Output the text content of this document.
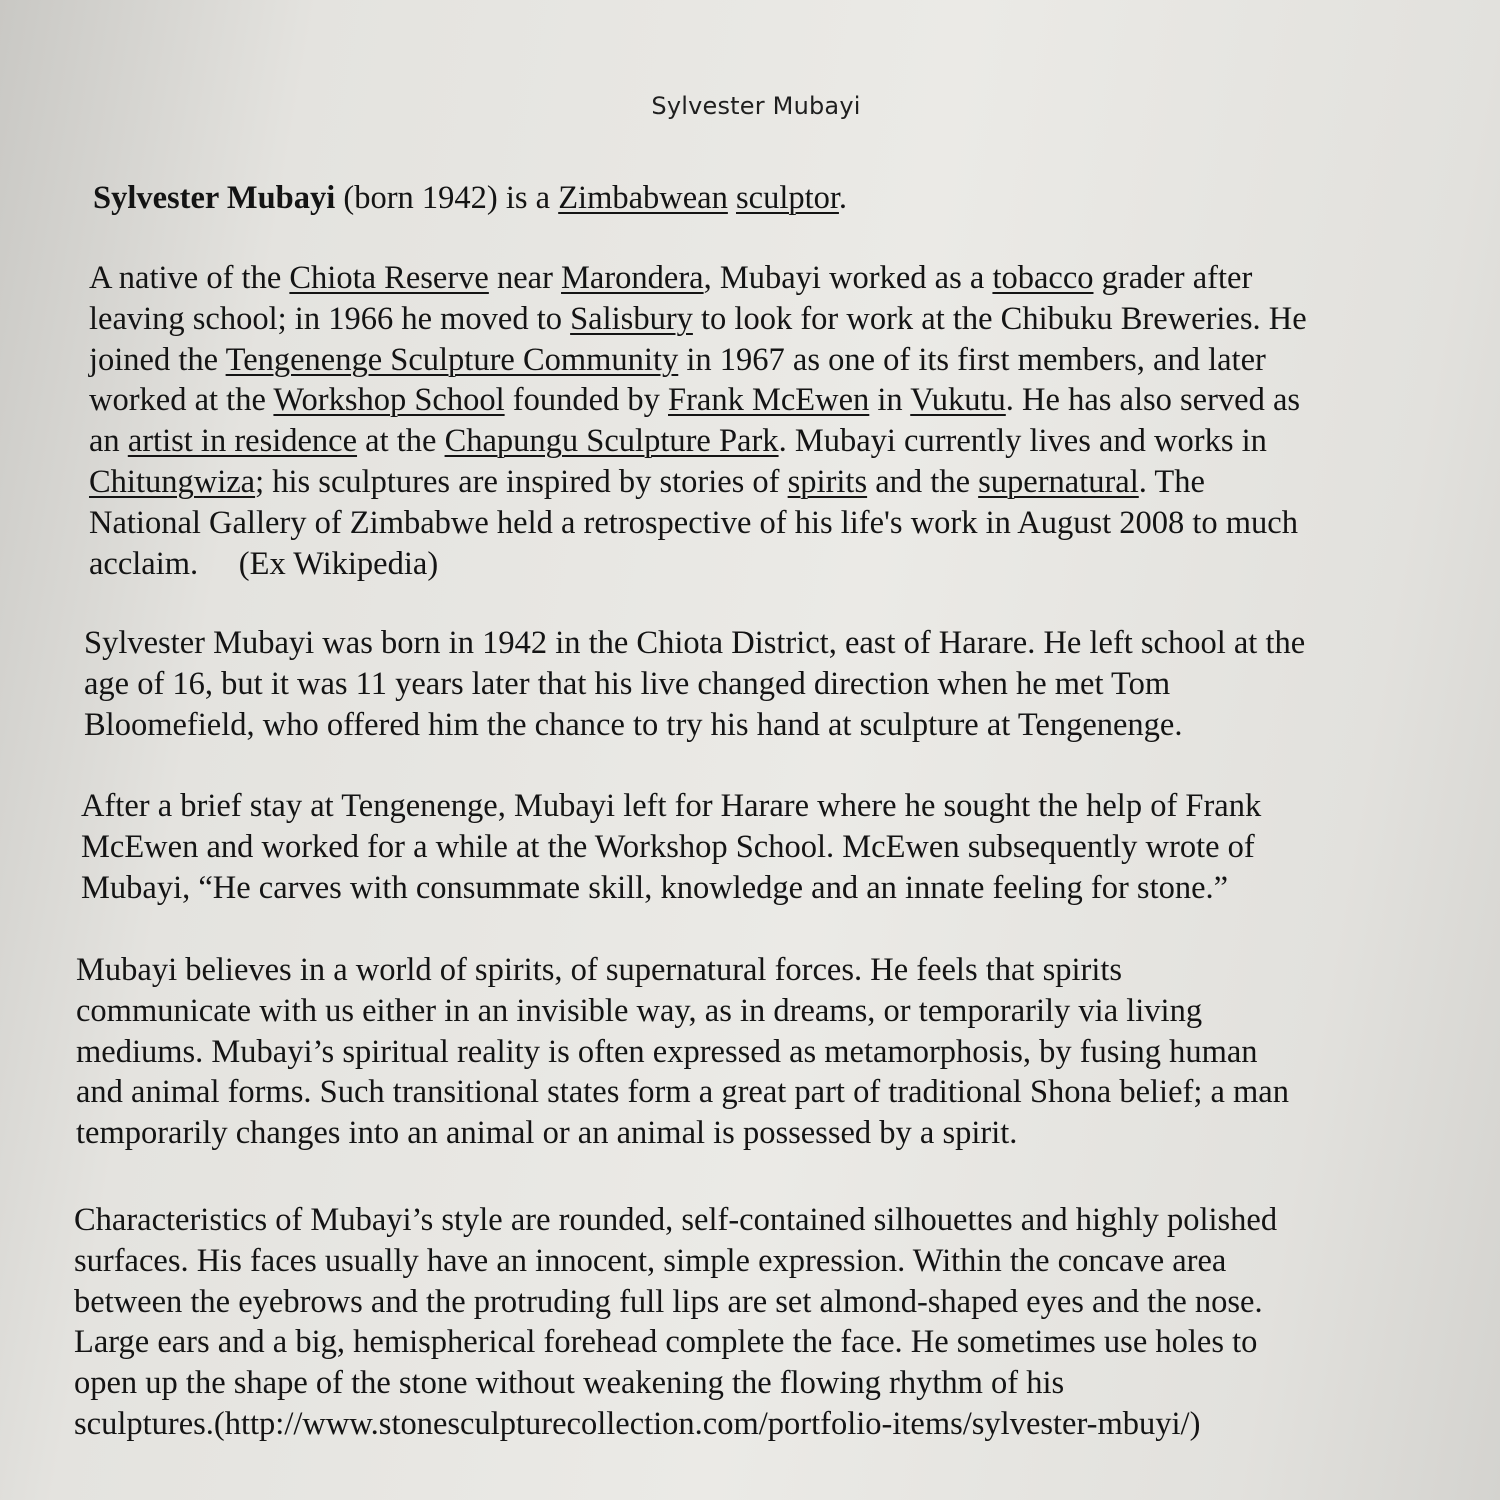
Sylvester Mubayi
Sylvester Mubayi (born 1942) is a Zimbabwean sculptor.
A native of the Chiota Reserve near Marondera, Mubayi worked as a tobacco grader after
leaving school; in 1966 he moved to Salisbury to look for work at the Chibuku Breweries. He
joined the Tengenenge Sculpture Community in 1967 as one of its first members, and later
worked at the Workshop School founded by Frank McEwen in Vukutu. He has also served as
an artist in residence at the Chapungu Sculpture Park. Mubayi currently lives and works in
Chitungwiza; his sculptures are inspired by stories of spirits and the supernatural. The
National Gallery of Zimbabwe held a retrospective of his life's work in August 2008 to much
acclaim.     (Ex Wikipedia)
Sylvester Mubayi was born in 1942 in the Chiota District, east of Harare. He left school at the
age of 16, but it was 11 years later that his live changed direction when he met Tom
Bloomefield, who offered him the chance to try his hand at sculpture at Tengenenge.
After a brief stay at Tengenenge, Mubayi left for Harare where he sought the help of Frank
McEwen and worked for a while at the Workshop School. McEwen subsequently wrote of
Mubayi, “He carves with consummate skill, knowledge and an innate feeling for stone.”
Mubayi believes in a world of spirits, of supernatural forces. He feels that spirits
communicate with us either in an invisible way, as in dreams, or temporarily via living
mediums. Mubayi’s spiritual reality is often expressed as metamorphosis, by fusing human
and animal forms. Such transitional states form a great part of traditional Shona belief; a man
temporarily changes into an animal or an animal is possessed by a spirit.
Characteristics of Mubayi’s style are rounded, self-contained silhouettes and highly polished
surfaces. His faces usually have an innocent, simple expression. Within the concave area
between the eyebrows and the protruding full lips are set almond-shaped eyes and the nose.
Large ears and a big, hemispherical forehead complete the face. He sometimes use holes to
open up the shape of the stone without weakening the flowing rhythm of his
sculptures.(http://www.stonesculpturecollection.com/portfolio-items/sylvester-mbuyi/)
